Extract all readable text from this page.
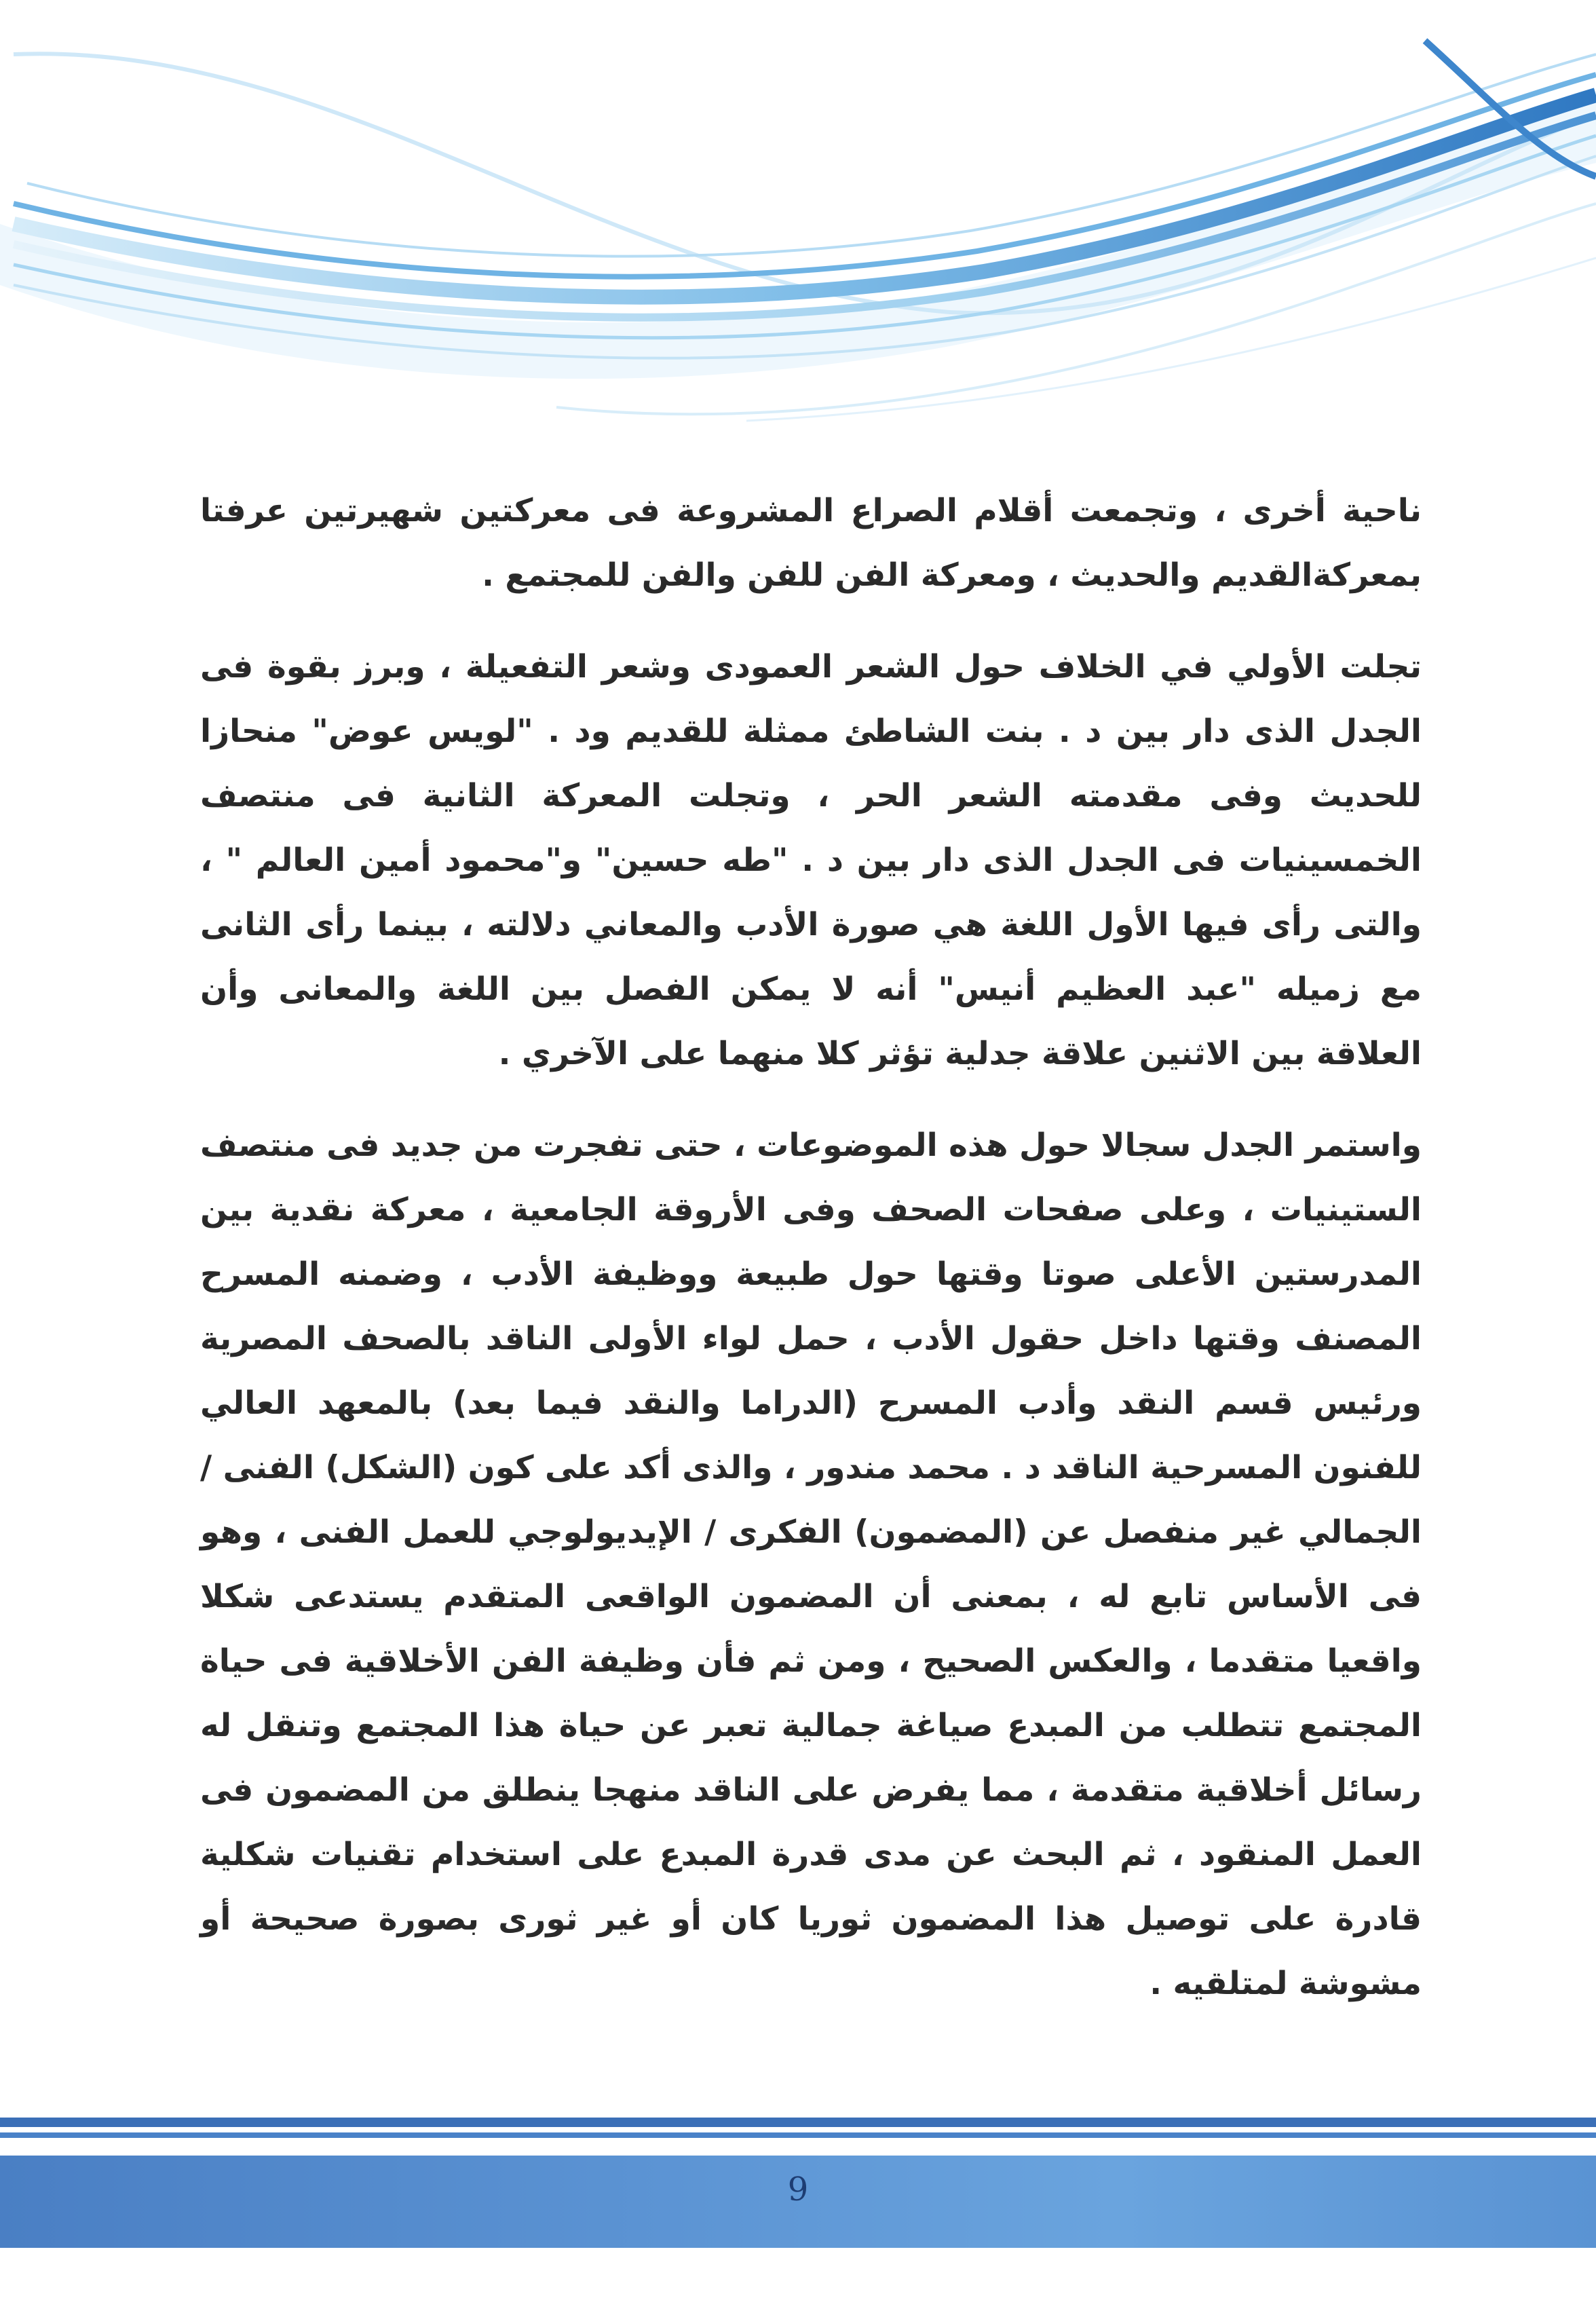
ناحية أخرى ، وتجمعت أقلام الصراع المشروعة فى معركتين شهيرتين عرفتا بمعركةالقديم والحديث ، ومعركة الفن للفن والفن للمجتمع .

تجلت الأولي في الخلاف حول الشعر العمودى وشعر التفعيلة ، وبرز بقوة فى الجدل الذى دار بين د . بنت الشاطئ ممثلة للقديم ود . "لويس عوض" منحازا للحديث وفى مقدمته الشعر الحر ، وتجلت المعركة الثانية فى منتصف الخمسينيات فى الجدل الذى دار بين د . "طه حسين" و"محمود أمين العالم " ، والتى رأى فيها الأول اللغة هي صورة الأدب والمعاني دلالته ، بينما رأى الثانى مع زميله "عبد العظيم أنيس" أنه لا يمكن الفصل بين اللغة والمعانى وأن العلاقة بين الاثنين علاقة جدلية تؤثر كلا منهما على الآخري .

واستمر الجدل سجالا حول هذه الموضوعات ، حتى تفجرت من جديد فى منتصف الستينيات ، وعلى صفحات الصحف وفى الأروقة الجامعية ، معركة نقدية بين المدرستين الأعلى صوتا وقتها حول طبيعة ووظيفة الأدب ، وضمنه المسرح المصنف وقتها داخل حقول الأدب ، حمل لواء الأولى الناقد بالصحف المصرية ورئيس قسم النقد وأدب المسرح (الدراما والنقد فيما بعد) بالمعهد العالي للفنون المسرحية الناقد د . محمد مندور ، والذى أكد على كون (الشكل) الفنى / الجمالي غير منفصل عن (المضمون) الفكرى / الإيديولوجي للعمل الفنى ، وهو فى الأساس تابع له ، بمعنى أن المضمون الواقعى المتقدم يستدعى شكلا واقعيا متقدما ، والعكس الصحيح ، ومن ثم فأن وظيفة الفن الأخلاقية فى حياة المجتمع تتطلب من المبدع صياغة جمالية تعبر عن حياة هذا المجتمع وتنقل له رسائل أخلاقية متقدمة ، مما يفرض على الناقد منهجا ينطلق من المضمون فى العمل المنقود ، ثم البحث عن مدى قدرة المبدع على استخدام تقنيات شكلية قادرة على توصيل هذا المضمون ثوريا كان أو غير ثورى بصورة صحيحة أو مشوشة لمتلقيه .

9
